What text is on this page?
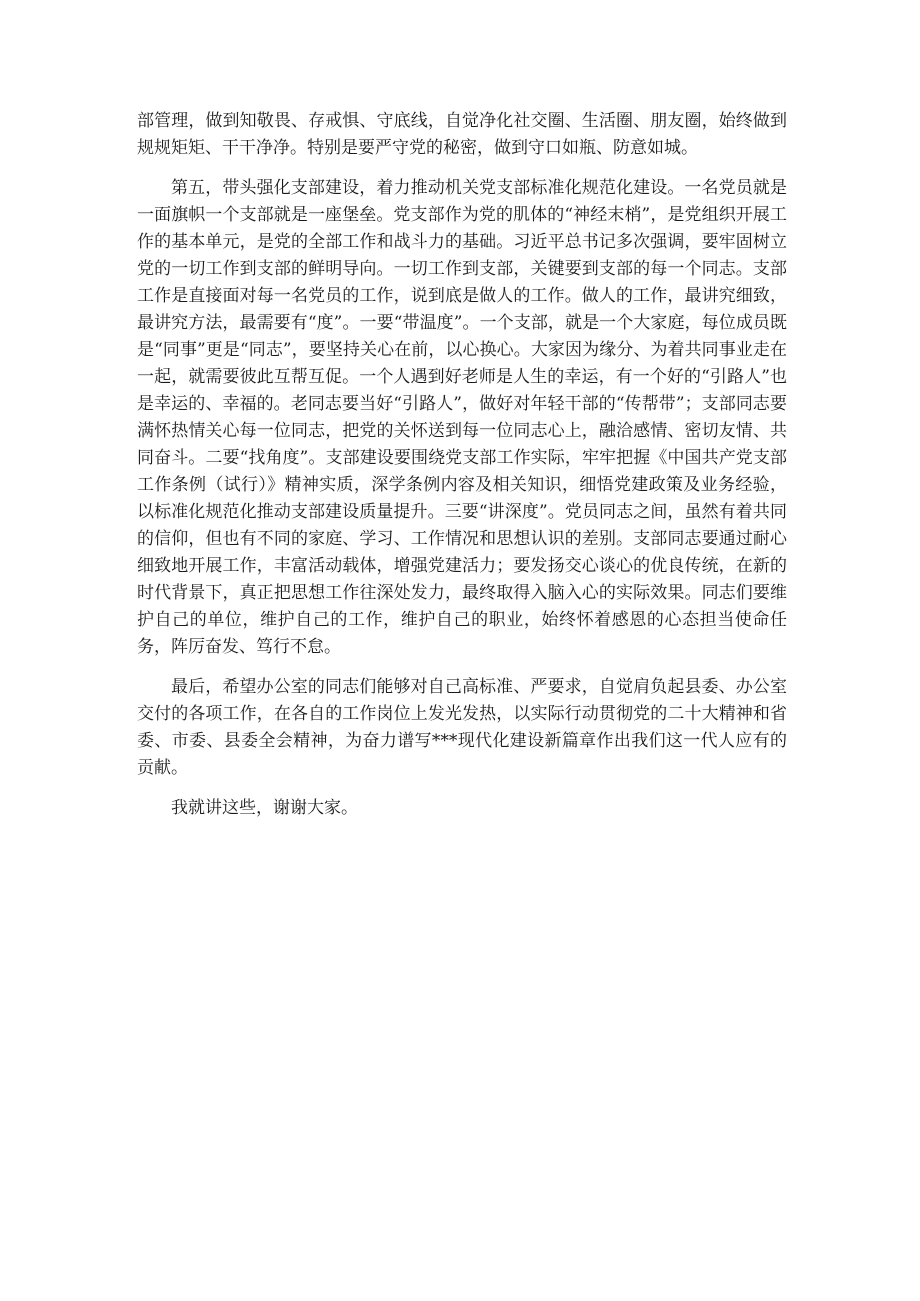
部管理，做到知敬畏、存戒惧、守底线，自觉净化社交圈、生活圈、朋友圈，始终做到规规矩矩、干干净净。特别是要严守党的秘密，做到守口如瓶、防意如城。

第五，带头强化支部建设，着力推动机关党支部标准化规范化建设。一名党员就是一面旗帜一个支部就是一座堡垒。党支部作为党的肌体的“神经末梢”，是党组织开展工作的基本单元，是党的全部工作和战斗力的基础。习近平总书记多次强调，要牢固树立党的一切工作到支部的鲜明导向。一切工作到支部，关键要到支部的每一个同志。支部工作是直接面对每一名党员的工作，说到底是做人的工作。做人的工作，最讲究细致，最讲究方法，最需要有“度”。一要“带温度”。一个支部，就是一个大家庭，每位成员既是“同事”更是“同志”，要坚持关心在前，以心换心。大家因为缘分、为着共同事业走在一起，就需要彼此互帮互促。一个人遇到好老师是人生的幸运，有一个好的“引路人”也是幸运的、幸福的。老同志要当好“引路人”，做好对年轻干部的“传帮带”；支部同志要满怀热情关心每一位同志，把党的关怀送到每一位同志心上，融洽感情、密切友情、共同奋斗。二要“找角度”。支部建设要围绕党支部工作实际，牢牢把握《中国共产党支部工作条例（试行）》精神实质，深学条例内容及相关知识，细悟党建政策及业务经验，以标准化规范化推动支部建设质量提升。三要“讲深度”。党员同志之间，虽然有着共同的信仰，但也有不同的家庭、学习、工作情况和思想认识的差别。支部同志要通过耐心细致地开展工作，丰富活动载体，增强党建活力；要发扬交心谈心的优良传统，在新的时代背景下，真正把思想工作往深处发力，最终取得入脑入心的实际效果。同志们要维护自己的单位，维护自己的工作，维护自己的职业，始终怀着感恩的心态担当使命任务，阵厉奋发、笃行不怠。

最后，希望办公室的同志们能够对自己高标准、严要求，自觉肩负起县委、办公室交付的各项工作，在各自的工作岗位上发光发热，以实际行动贯彻党的二十大精神和省委、市委、县委全会精神，为奋力谱写***现代化建设新篇章作出我们这一代人应有的贡献。

我就讲这些，谢谢大家。
